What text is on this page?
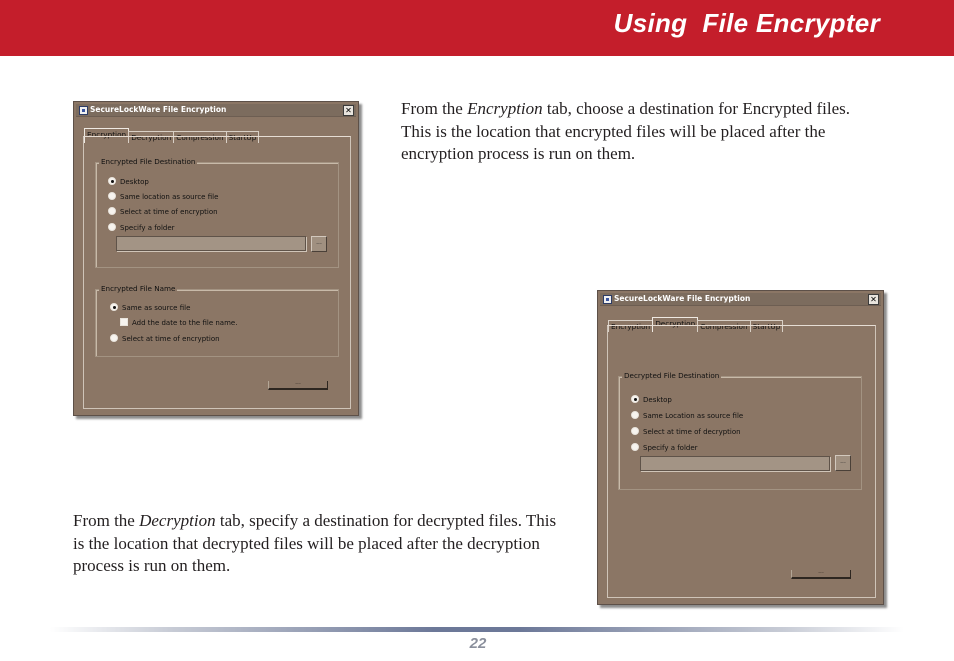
Using  File Encrypter

From the Encryption tab, choose a destination for Encrypted files. This is the location that encrypted files will be placed after the encryption process is run on them.

SecureLockWare File Encryption	✕
Encryption Decryption Compression StartUp
Encrypted File Destination
Desktop
Same location as source file
Select at time of encryption
Specify a folder
...
Encrypted File Name
Same as source file
Add the date to the file name.
Select at time of encryption
...
SecureLockWare File Encryption	✕
Encryption Decryption Compression StartUp
Decrypted File Destination
Desktop
Same Location as source file
Select at time of decryption
Specify a folder
...
...

From the Decryption tab, specify a destination for decrypted files. This is the location that decrypted files will be placed after the decryption process is run on them.

22
